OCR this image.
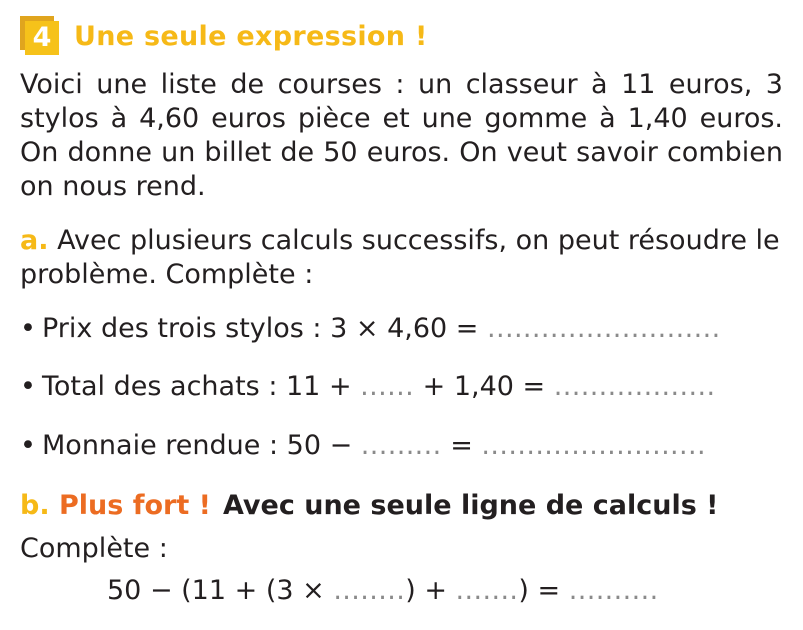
4 Une seule expression !

Voici une liste de courses : un classeur à 11 euros, 3 stylos à 4,60 euros pièce et une gomme à 1,40 euros. On donne un billet de 50 euros. On veut savoir combien on nous rend.

a. Avec plusieurs calculs successifs, on peut résoudre le problème. Complète :

• Prix des trois stylos : 3 × 4,60 = ..........................
• Total des achats : 11 + ...... + 1,40 = ..................
• Monnaie rendue : 50 − ......... = .........................
b. Plus fort ! Avec une seule ligne de calculs !
Complète :
50 − (11 + (3 × ........) + .......) = ..........
